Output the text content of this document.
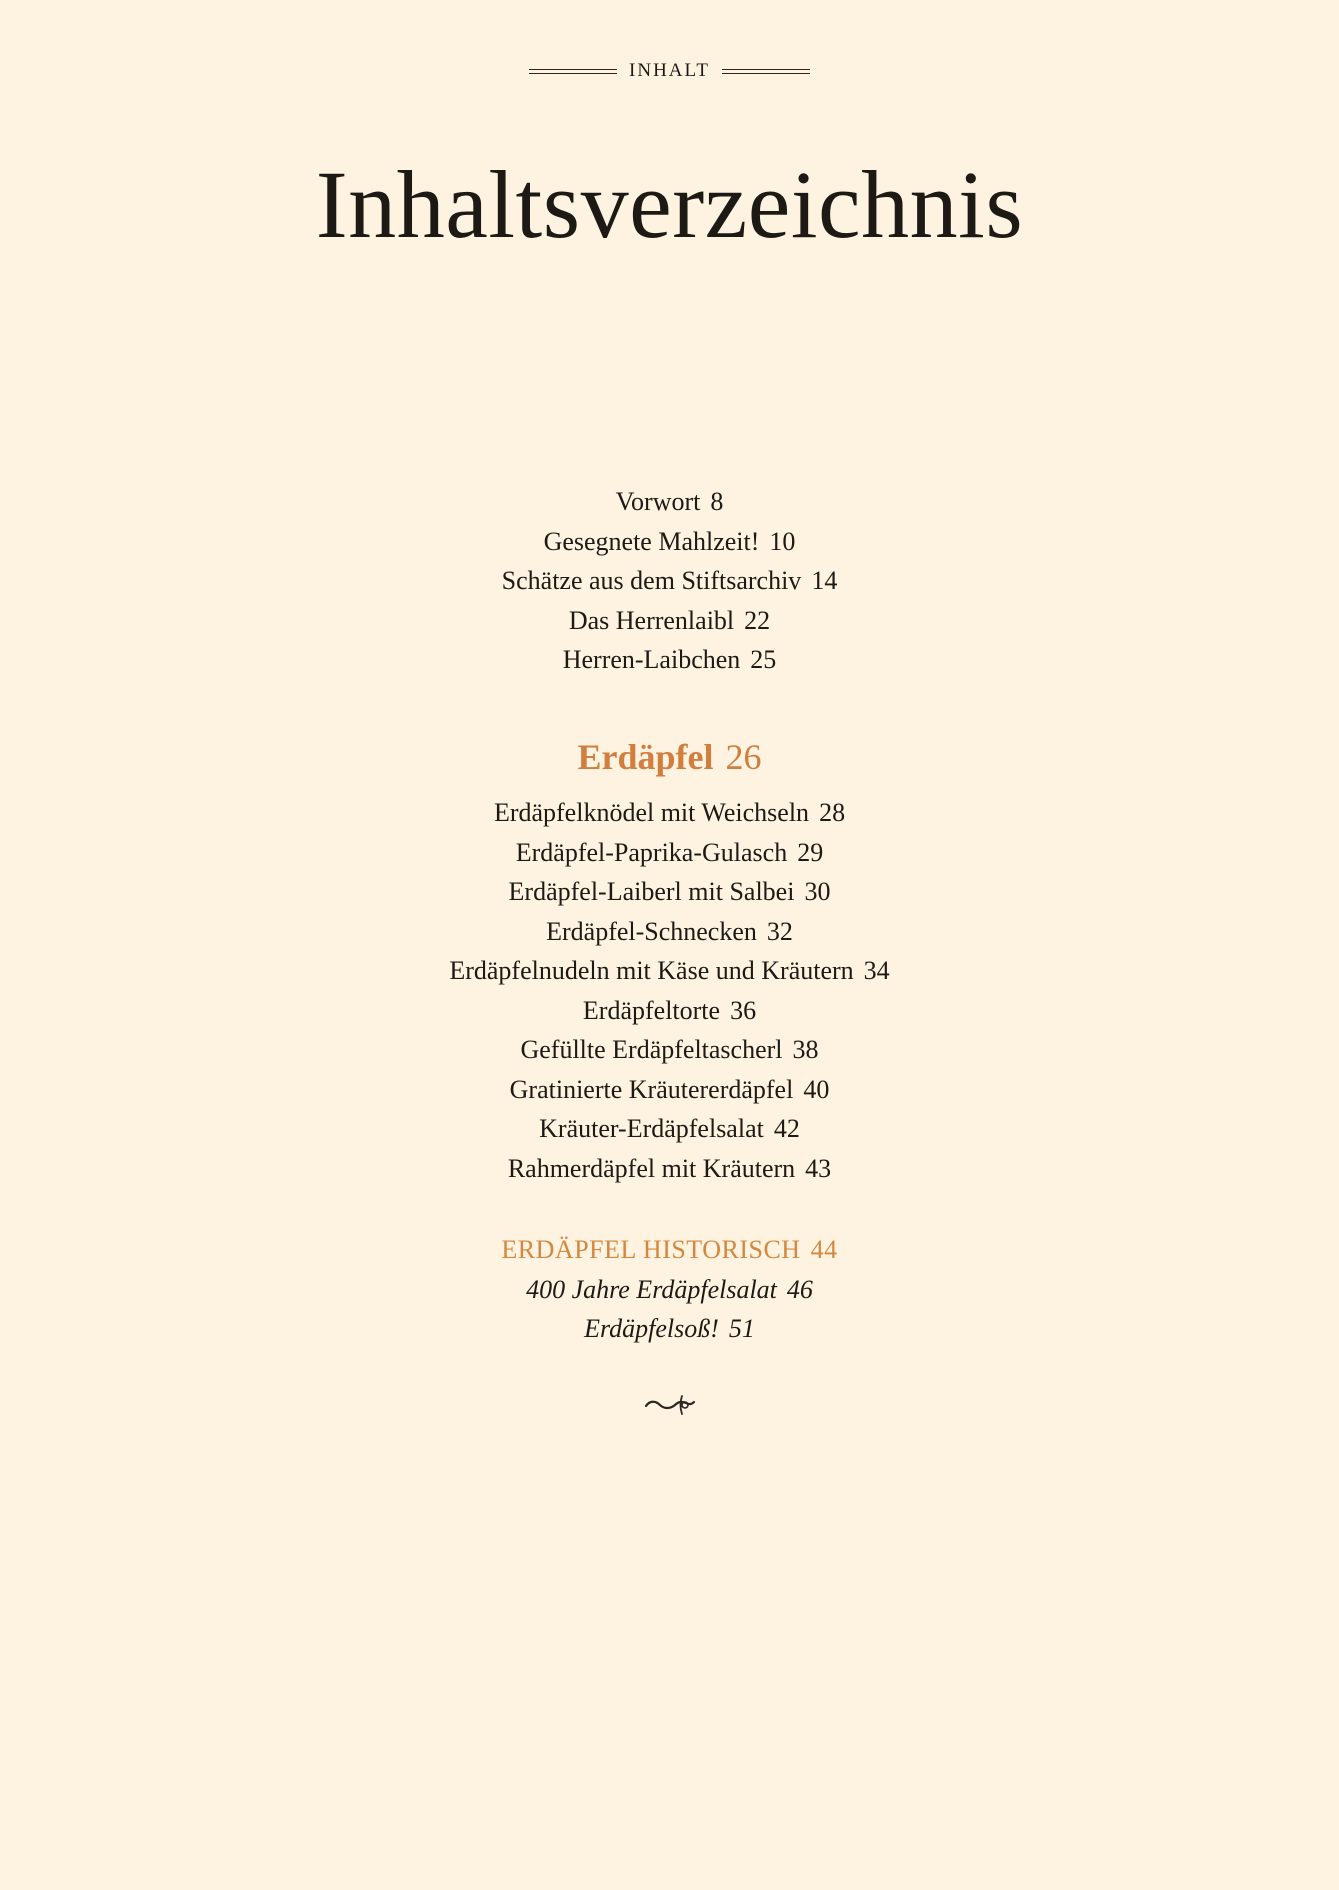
INHALT
Inhaltsverzeichnis
Vorwort 8
Gesegnete Mahlzeit! 10
Schätze aus dem Stiftsarchiv 14
Das Herrenlaibl 22
Herren-Laibchen 25
Erdäpfel 26
Erdäpfelknödel mit Weichseln 28
Erdäpfel-Paprika-Gulasch 29
Erdäpfel-Laiberl mit Salbei 30
Erdäpfel-Schnecken 32
Erdäpfelnudeln mit Käse und Kräutern 34
Erdäpfeltorte 36
Gefüllte Erdäpfeltascherl 38
Gratinierte Kräutererdäpfel 40
Kräuter-Erdäpfelsalat 42
Rahmerdäpfel mit Kräutern 43
ERDÄPFEL HISTORISCH 44
400 Jahre Erdäpfelsalat 46
Erdäpfelsoß! 51
